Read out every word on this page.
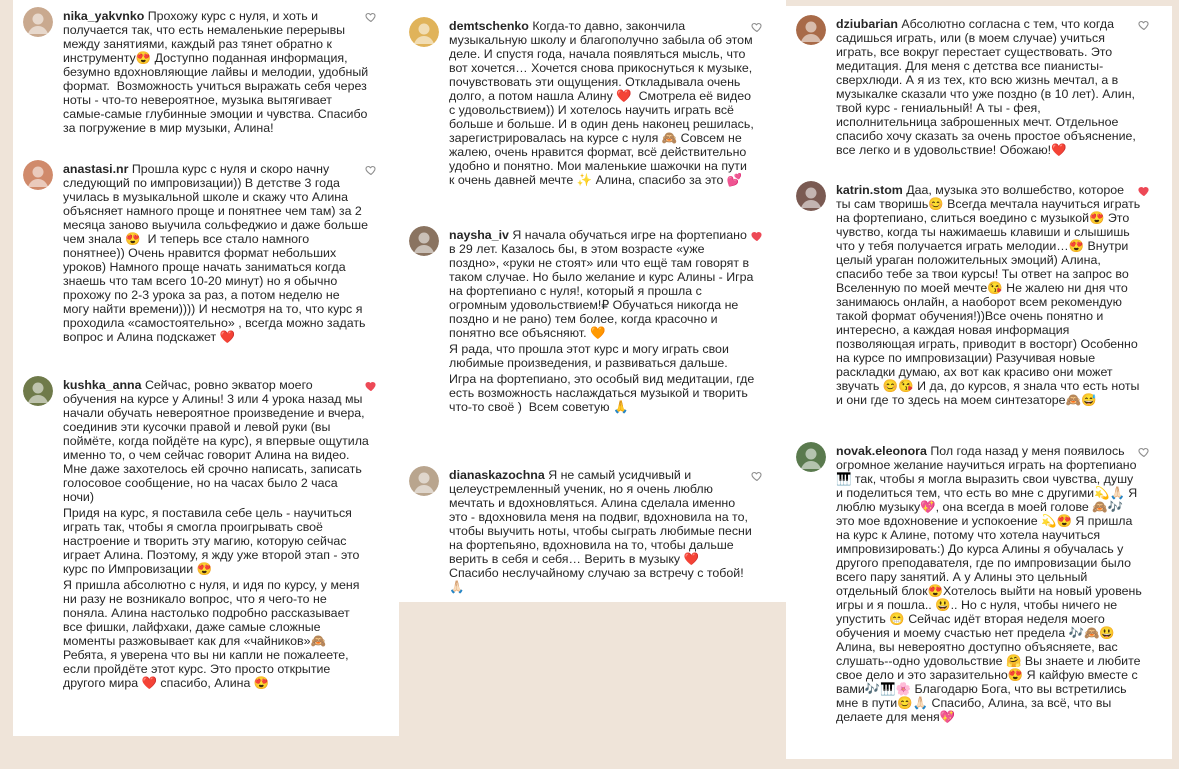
nika_yakvnko Прохожу курс с нуля, и хоть и получается так, что есть немаленькие перерывы между занятиями, каждый раз тянет обратно к инструменту😍 Доступно поданная информация, безумно вдохновляющие лайвы и мелодии, удобный формат.  Возможность учиться выражать себя через ноты - что-то невероятное, музыка вытягивает самые-самые глубинные эмоции и чувства. Спасибо за погружение в мир музыки, Алина!
anastasi.nr Прошла курс с нуля и скоро начну следующий по импровизации)) В детстве 3 года училась в музыкальной школе и скажу что Алина объясняет намного проще и понятнее чем там) за 2 месяца заново выучила сольфеджио и даже больше чем знала 😍  И теперь все стало намного понятнее)) Очень нравится формат небольших уроков) Намного проще начать заниматься когда знаешь что там всего 10-20 минут) но я обычно прохожу по 2-3 урока за раз, а потом неделю не могу найти времени)))) И несмотря на то, что курс я проходила «самостоятельно» , всегда можно задать вопрос и Алина подскажет ❤️
kushka_anna Сейчас, ровно экватор моего обучения на курсе у Алины! 3 или 4 урока назад мы начали обучать невероятное произведение и вчера, соединив эти кусочки правой и левой руки (вы поймёте, когда пойдёте на курс), я впервые ощутила именно то, о чем сейчас говорит Алина на видео. Мне даже захотелось ей срочно написать, записать голосовое сообщение, но на часах было 2 часа ночи)
Придя на курс, я поставила себе цель - научиться играть так, чтобы я смогла проигрывать своё настроение и творить эту магию, которую сейчас играет Алина. Поэтому, я жду уже второй этап - это курс по Импровизации 😍
Я пришла абсолютно с нуля, и идя по курсу, у меня ни разу не возникало вопрос, что я чего-то не поняла. Алина настолько подробно рассказывает все фишки, лайфхаки, даже самые сложные моменты разжовывает как для «чайников»🙈 Ребята, я уверена что вы ни капли не пожалеете, если пройдёте этот курс. Это просто открытие другого мира ❤️ спасибо, Алина 😍
demtschenko Когда-то давно, закончила музыкальную школу и благополучно забыла об этом деле. И спустя года, начала появляться мысль, что вот хочется… Хочется снова прикоснуться к музыке, почувствовать эти ощущения. Откладывала очень долго, а потом нашла Алину ❤️  Смотрела её видео с удовольствием)) И хотелось научить играть всё больше и больше. И в один день наконец решилась, зарегистрировалась на курсе с нуля 🙈 Совсем не жалею, очень нравится формат, всё действительно удобно и понятно. Мои маленькие шажочки на пути к очень давней мечте ✨ Алина, спасибо за это 💕
naysha_iv Я начала обучаться игре на фортепиано в 29 лет. Казалось бы, в этом возрасте «уже поздно», «руки не стоят» или что ещё там говорят в таком случае. Но было желание и курс Алины - Игра на фортепиано с нуля!, который я прошла с огромным удовольствием!₽ Обучаться никогда не поздно и не рано) тем более, когда красочно и понятно все объясняют. 🧡
Я рада, что прошла этот курс и могу играть свои любимые произведения, и развиваться дальше.
Игра на фортепиано, это особый вид медитации, где есть возможность наслаждаться музыкой и творить что-то своё )  Всем советую 🙏
dianaskazochna Я не самый усидчивый и целеустремленный ученик, но я очень люблю мечтать и вдохновляться. Алина сделала именно это - вдохновила меня на подвиг, вдохновила на то, чтобы выучить ноты, чтобы сыграть любимые песни на фортепьяно, вдохновила на то, чтобы дальше верить в себя и себя… Верить в музыку ❤️  Спасибо неслучайному случаю за встречу с тобой! 🙏🏻
dziubarian Абсолютно согласна с тем, что когда садишься играть, или (в моем случае) учиться играть, все вокруг перестает существовать. Это медитация. Для меня с детства все пианисты- сверхлюди. А я из тех, кто всю жизнь мечтал, а в музыкалке сказали что уже поздно (в 10 лет). Алин, твой курс - гениальный! А ты - фея, исполнительница заброшенных мечт. Отдельное спасибо хочу сказать за очень простое объяснение, все легко и в удовольствие! Обожаю!❤️
katrin.stom Даа, музыка это волшебство, которое ты сам творишь😊 Всегда мечтала научиться играть на фортепиано, слиться воедино с музыкой😍 Это чувство, когда ты нажимаешь клавиши и слышишь что у тебя получается играть мелодии…😍 Внутри целый ураган положительных эмоций) Алина, спасибо тебе за твои курсы! Ты ответ на запрос во Вселенную по моей мечте😘 Не жалею ни дня что занимаюсь онлайн, а наоборот всем рекомендую такой формат обучения!))Все очень понятно и интересно, а каждая новая информация позволяющая играть, приводит в восторг) Особенно на курсе по импровизации) Разучивая новые раскладки думаю, ах вот как красиво они может звучать 😊😘 И да, до курсов, я знала что есть ноты и они где то здесь на моем синтезаторе🙈😅
novak.eleonora Пол года назад у меня появилось огромное желание научиться играть на фортепиано🎹 так, чтобы я могла выразить свои чувства, душу и поделиться тем, что есть во мне с другими💫🙏🏻 Я люблю музыку💖, она всегда в моей голове 🙈🎶 это мое вдохновение и успокоение 💫😍 Я пришла на курс к Алине, потому что хотела научиться импровизировать:) До курса Алины я обучалась у другого преподавателя, где по импровизации было всего пару занятий. А у Алины это цельный отдельный блок😍Хотелось выйти на новый уровень игры и я пошла.. 😃.. Но с нуля, чтобы ничего не упустить 😁 Сейчас идёт вторая неделя моего обучения и моему счастью нет предела 🎶🙈😃 Алина, вы невероятно доступно объясняете, вас слушать--одно удовольствие 🤗 Вы знаете и любите свое дело и это заразительно😍 Я кайфую вместе с вами🎶🎹🌸 Благодарю Бога, что вы встретились мне в пути😊🙏🏻 Спасибо, Алина, за всё, что вы делаете для меня💖
